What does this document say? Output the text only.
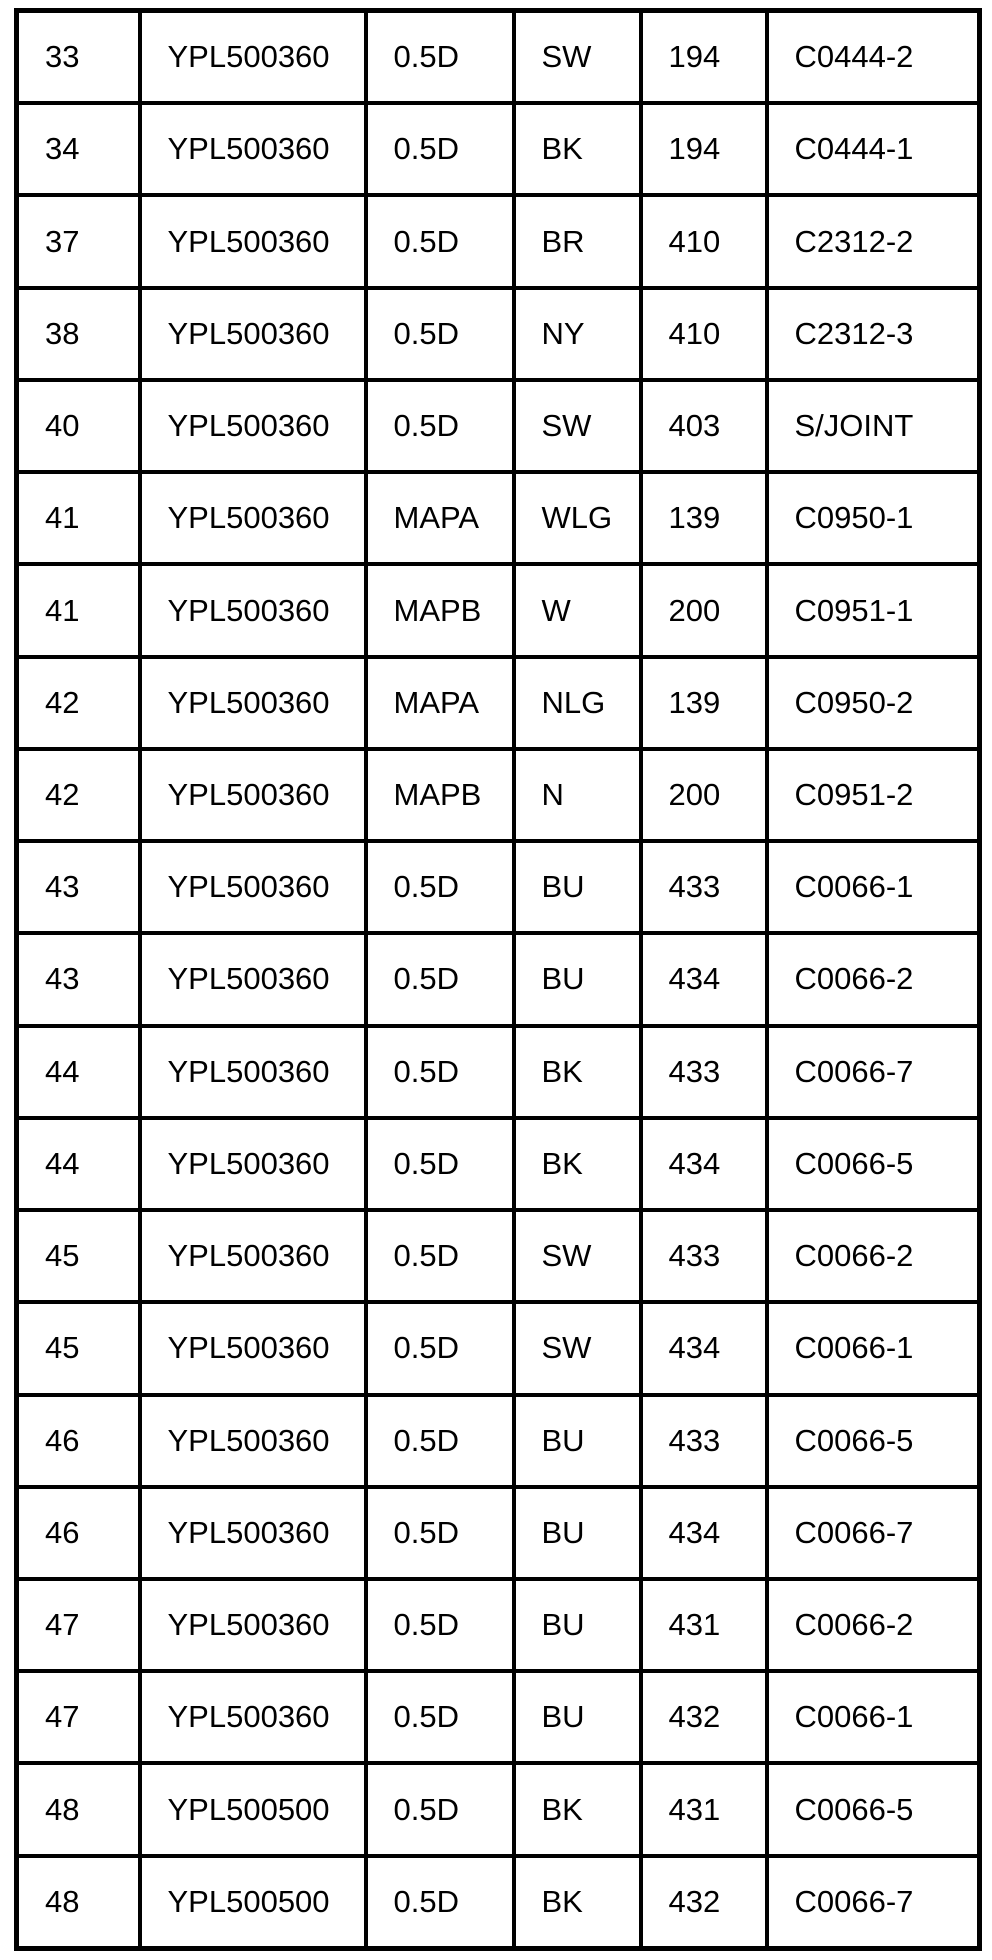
33	YPL500360	0.5D	SW	194	C0444-2
34	YPL500360	0.5D	BK	194	C0444-1
37	YPL500360	0.5D	BR	410	C2312-2
38	YPL500360	0.5D	NY	410	C2312-3
40	YPL500360	0.5D	SW	403	S/JOINT
41	YPL500360	MAPA	WLG	139	C0950-1
41	YPL500360	MAPB	W	200	C0951-1
42	YPL500360	MAPA	NLG	139	C0950-2
42	YPL500360	MAPB	N	200	C0951-2
43	YPL500360	0.5D	BU	433	C0066-1
43	YPL500360	0.5D	BU	434	C0066-2
44	YPL500360	0.5D	BK	433	C0066-7
44	YPL500360	0.5D	BK	434	C0066-5
45	YPL500360	0.5D	SW	433	C0066-2
45	YPL500360	0.5D	SW	434	C0066-1
46	YPL500360	0.5D	BU	433	C0066-5
46	YPL500360	0.5D	BU	434	C0066-7
47	YPL500360	0.5D	BU	431	C0066-2
47	YPL500360	0.5D	BU	432	C0066-1
48	YPL500500	0.5D	BK	431	C0066-5
48	YPL500500	0.5D	BK	432	C0066-7
